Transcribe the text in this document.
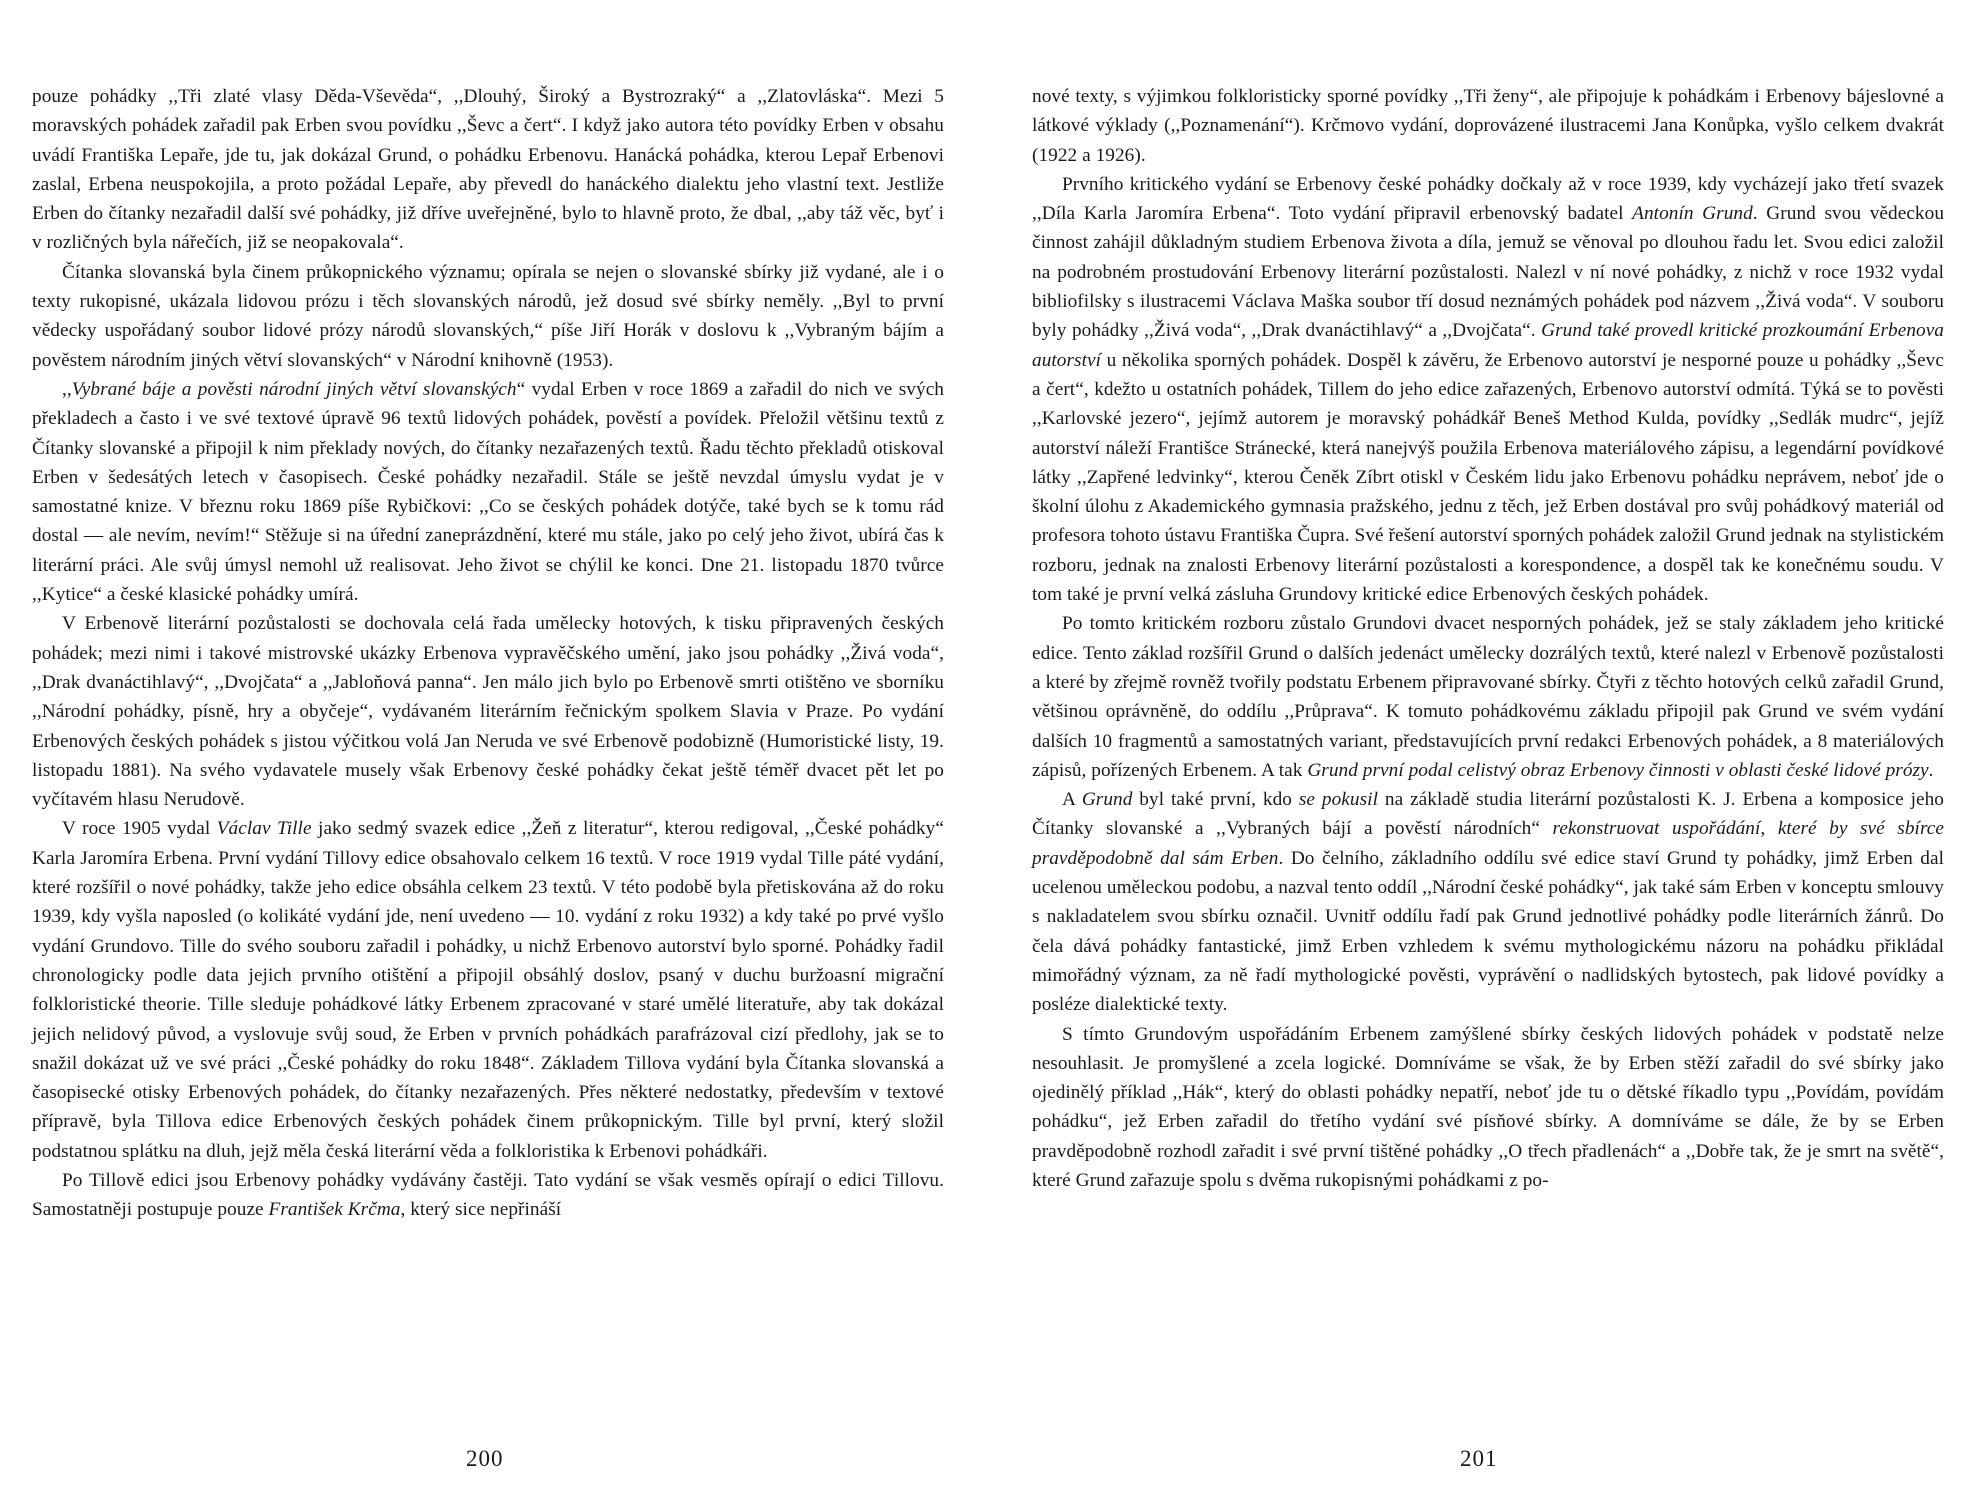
pouze pohádky ,,Tři zlaté vlasy Děda-Vševěda“, ,,Dlouhý, Široký a Bystrozraký“ a ,,Zlatovláska“. Mezi 5 moravských pohádek zařadil pak Erben svou povídku ,,Ševc a čert“. I když jako autora této povídky Erben v obsahu uvádí Františka Lepaře, jde tu, jak dokázal Grund, o pohádku Erbenovu. Hanácká pohádka, kterou Lepař Erbenovi zaslal, Erbena neuspokojila, a proto požádal Lepaře, aby převedl do hanáckého dialektu jeho vlastní text. Jestliže Erben do čítanky nezařadil další své pohádky, již dříve uveřejněné, bylo to hlavně proto, že dbal, ,,aby táž věc, byť i v rozličných byla nářečích, již se neopakovala“.

Čítanka slovanská byla činem průkopnického významu; opírala se nejen o slovanské sbírky již vydané, ale i o texty rukopisné, ukázala lidovou prózu i těch slovanských národů, jež dosud své sbírky neměly. ,,Byl to první vědecky uspořádaný soubor lidové prózy národů slovanských,“ píše Jiří Horák v doslovu k ,,Vybraným bájím a pověstem národním jiných větví slovanských“ v Národní knihovně (1953).

,,Vybrané báje a pověsti národní jiných větví slovanských“ vydal Erben v roce 1869 a zařadil do nich ve svých překladech a často i ve své textové úpravě 96 textů lidových pohádek, pověstí a povídek. Přeložil většinu textů z Čítanky slovanské a připojil k nim překlady nových, do čítanky nezařazených textů. Řadu těchto překladů otiskoval Erben v šedesátých letech v časopisech. České pohádky nezařadil. Stále se ještě nevzdal úmyslu vydat je v samostatné knize. V březnu roku 1869 píše Rybičkovi: ,,Co se českých pohádek dotýče, také bych se k tomu rád dostal — ale nevím, nevím!“ Stěžuje si na úřední zaneprázdnění, které mu stále, jako po celý jeho život, ubírá čas k literární práci. Ale svůj úmysl nemohl už realisovat. Jeho život se chýlil ke konci. Dne 21. listopadu 1870 tvůrce ,,Kytice“ a české klasické pohádky umírá.

V Erbenově literární pozůstalosti se dochovala celá řada umělecky hotových, k tisku připravených českých pohádek; mezi nimi i takové mistrovské ukázky Erbenova vypravěčského umění, jako jsou pohádky ,,Živá voda“, ,,Drak dvanáctihlavý“, ,,Dvojčata“ a ,,Jabloňová panna“. Jen málo jich bylo po Erbenově smrti otištěno ve sborníku ,,Národní pohádky, písně, hry a obyčeje“, vydávaném literárním řečnickým spolkem Slavia v Praze. Po vydání Erbenových českých pohádek s jistou výčitkou volá Jan Neruda ve své Erbenově podobizně (Humoristické listy, 19. listopadu 1881). Na svého vydavatele musely však Erbenovy české pohádky čekat ještě téměř dvacet pět let po vyčítavém hlasu Nerudově.

V roce 1905 vydal Václav Tille jako sedmý svazek edice ,,Žeň z literatur“, kterou redigoval, ,,České pohádky“ Karla Jaromíra Erbena. První vydání Tillovy edice obsahovalo celkem 16 textů. V roce 1919 vydal Tille páté vydání, které rozšířil o nové pohádky, takže jeho edice obsáhla celkem 23 textů. V této podobě byla přetiskována až do roku 1939, kdy vyšla naposled (o kolikáté vydání jde, není uvedeno — 10. vydání z roku 1932) a kdy také po prvé vyšlo vydání Grundovo. Tille do svého souboru zařadil i pohádky, u nichž Erbenovo autorství bylo sporné. Pohádky řadil chronologicky podle data jejich prvního otištění a připojil obsáhlý doslov, psaný v duchu buržoasní migrační folkloristické theorie. Tille sleduje pohádkové látky Erbenem zpracované v staré umělé literatuře, aby tak dokázal jejich nelidový původ, a vyslovuje svůj soud, že Erben v prvních pohádkách parafrázoval cizí předlohy, jak se to snažil dokázat už ve své práci ,,České pohádky do roku 1848“. Základem Tillova vydání byla Čítanka slovanská a časopisecké otisky Erbenových pohádek, do čítanky nezařazených. Přes některé nedostatky, především v textové přípravě, byla Tillova edice Erbenových českých pohádek činem průkopnickým. Tille byl první, který složil podstatnou splátku na dluh, jejž měla česká literární věda a folkloristika k Erbenovi pohádkáři.

Po Tillově edici jsou Erbenovy pohádky vydávány častěji. Tato vydání se však vesměs opírají o edici Tillovu. Samostatněji postupuje pouze František Krčma, který sice nepřináší

200

nové texty, s výjimkou folkloristicky sporné povídky ,,Tři ženy“, ale připojuje k pohádkám i Erbenovy bájeslovné a látkové výklady (,,Poznamenání“). Krčmovo vydání, doprovázené ilustracemi Jana Konůpka, vyšlo celkem dvakrát (1922 a 1926).

Prvního kritického vydání se Erbenovy české pohádky dočkaly až v roce 1939, kdy vycházejí jako třetí svazek ,,Díla Karla Jaromíra Erbena“. Toto vydání připravil erbenovský badatel Antonín Grund. Grund svou vědeckou činnost zahájil důkladným studiem Erbenova života a díla, jemuž se věnoval po dlouhou řadu let. Svou edici založil na podrobném prostudování Erbenovy literární pozůstalosti. Nalezl v ní nové pohádky, z nichž v roce 1932 vydal bibliofilsky s ilustracemi Václava Maška soubor tří dosud neznámých pohádek pod názvem ,,Živá voda“. V souboru byly pohádky ,,Živá voda“, ,,Drak dvanáctihlavý“ a ,,Dvojčata“. Grund také provedl kritické prozkoumání Erbenova autorství u několika sporných pohádek. Dospěl k závěru, že Erbenovo autorství je nesporné pouze u pohádky ,,Ševc a čert“, kdežto u ostatních pohádek, Tillem do jeho edice zařazených, Erbenovo autorství odmítá. Týká se to pověsti ,,Karlovské jezero“, jejímž autorem je moravský pohádkář Beneš Method Kulda, povídky ,,Sedlák mudrc“, jejíž autorství náleží Františce Stránecké, která nanejvýš použila Erbenova materiálového zápisu, a legendární povídkové látky ,,Zapřené ledvinky“, kterou Čeněk Zíbrt otiskl v Českém lidu jako Erbenovu pohádku neprávem, neboť jde o školní úlohu z Akademického gymnasia pražského, jednu z těch, jež Erben dostával pro svůj pohádkový materiál od profesora tohoto ústavu Františka Čupra. Své řešení autorství sporných pohádek založil Grund jednak na stylistickém rozboru, jednak na znalosti Erbenovy literární pozůstalosti a korespondence, a dospěl tak ke konečnému soudu. V tom také je první velká zásluha Grundovy kritické edice Erbenových českých pohádek.

Po tomto kritickém rozboru zůstalo Grundovi dvacet nesporných pohádek, jež se staly základem jeho kritické edice. Tento základ rozšířil Grund o dalších jedenáct umělecky dozrálých textů, které nalezl v Erbenově pozůstalosti a které by zřejmě rovněž tvořily podstatu Erbenem připravované sbírky. Čtyři z těchto hotových celků zařadil Grund, většinou oprávněně, do oddílu ,,Průprava“. K tomuto pohádkovému základu připojil pak Grund ve svém vydání dalších 10 fragmentů a samostatných variant, představujících první redakci Erbenových pohádek, a 8 materiálových zápisů, pořízených Erbenem. A tak Grund první podal celistvý obraz Erbenovy činnosti v oblasti české lidové prózy.

A Grund byl také první, kdo se pokusil na základě studia literární pozůstalosti K. J. Erbena a komposice jeho Čítanky slovanské a ,,Vybraných bájí a pověstí národních“ rekonstruovat uspořádání, které by své sbírce pravděpodobně dal sám Erben. Do čelního, základního oddílu své edice staví Grund ty pohádky, jimž Erben dal ucelenou uměleckou podobu, a nazval tento oddíl ,,Národní české pohádky“, jak také sám Erben v konceptu smlouvy s nakladatelem svou sbírku označil. Uvnitř oddílu řadí pak Grund jednotlivé pohádky podle literárních žánrů. Do čela dává pohádky fantastické, jimž Erben vzhledem k svému mythologickému názoru na pohádku přikládal mimořádný význam, za ně řadí mythologické pověsti, vyprávění o nadlidských bytostech, pak lidové povídky a posléze dialektické texty.

S tímto Grundovým uspořádáním Erbenem zamýšlené sbírky českých lidových pohádek v podstatě nelze nesouhlasit. Je promyšlené a zcela logické. Domníváme se však, že by Erben stěží zařadil do své sbírky jako ojedinělý příklad ,,Hák“, který do oblasti pohádky nepatří, neboť jde tu o dětské říkadlo typu ,,Povídám, povídám pohádku“, jež Erben zařadil do třetího vydání své písňové sbírky. A domníváme se dále, že by se Erben pravděpodobně rozhodl zařadit i své první tištěné pohádky ,,O třech přadlenách“ a ,,Dobře tak, že je smrt na světě“, které Grund zařazuje spolu s dvěma rukopisnými pohádkami z po-

201
